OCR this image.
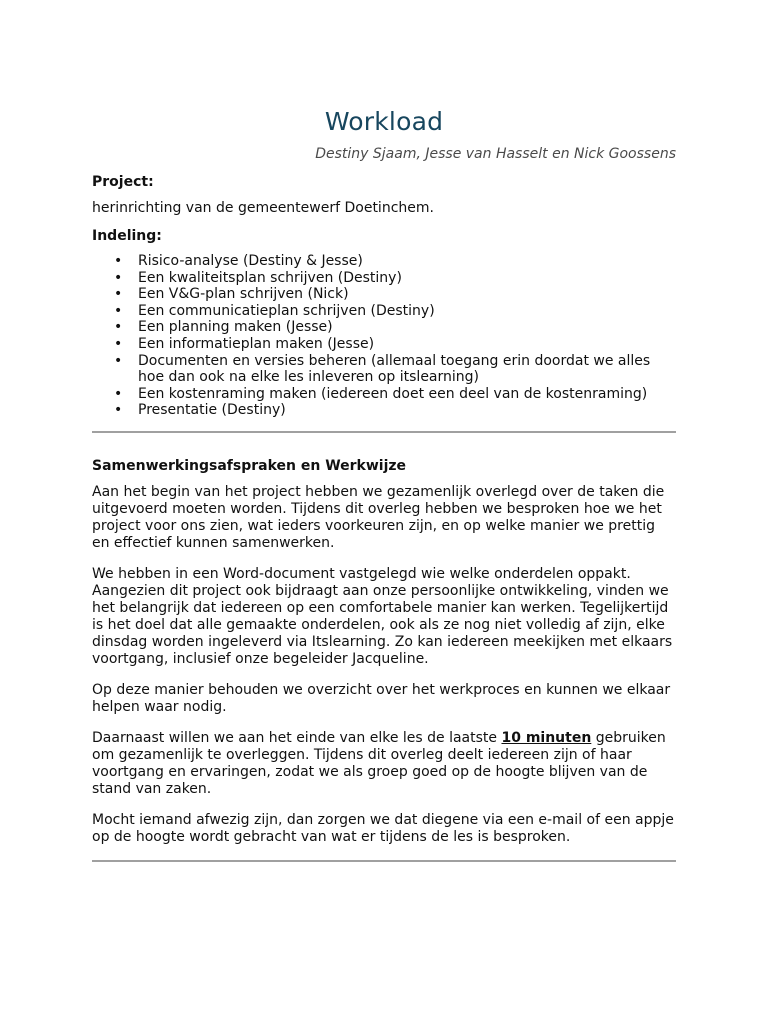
Workload
Destiny Sjaam, Jesse van Hasselt en Nick Goossens
Project:

herinrichting van de gemeentewerf Doetinchem.

Indeling:
• Risico-analyse (Destiny & Jesse)
• Een kwaliteitsplan schrijven (Destiny)
• Een V&G-plan schrijven (Nick)
• Een communicatieplan schrijven (Destiny)
• Een planning maken (Jesse)
• Een informatieplan maken (Jesse)
• Documenten en versies beheren (allemaal toegang erin doordat we alles hoe dan ook na elke les inleveren op itslearning)
• Een kostenraming maken (iedereen doet een deel van de kostenraming)
• Presentatie (Destiny)
Samenwerkingsafspraken en Werkwijze

Aan het begin van het project hebben we gezamenlijk overlegd over de taken die uitgevoerd moeten worden. Tijdens dit overleg hebben we besproken hoe we het project voor ons zien, wat ieders voorkeuren zijn, en op welke manier we prettig en effectief kunnen samenwerken.

We hebben in een Word-document vastgelegd wie welke onderdelen oppakt. Aangezien dit project ook bijdraagt aan onze persoonlijke ontwikkeling, vinden we het belangrijk dat iedereen op een comfortabele manier kan werken. Tegelijkertijd is het doel dat alle gemaakte onderdelen, ook als ze nog niet volledig af zijn, elke dinsdag worden ingeleverd via Itslearning. Zo kan iedereen meekijken met elkaars voortgang, inclusief onze begeleider Jacqueline.

Op deze manier behouden we overzicht over het werkproces en kunnen we elkaar helpen waar nodig.

Daarnaast willen we aan het einde van elke les de laatste 10 minuten gebruiken om gezamenlijk te overleggen. Tijdens dit overleg deelt iedereen zijn of haar voortgang en ervaringen, zodat we als groep goed op de hoogte blijven van de stand van zaken.

Mocht iemand afwezig zijn, dan zorgen we dat diegene via een e-mail of een appje op de hoogte wordt gebracht van wat er tijdens de les is besproken.
